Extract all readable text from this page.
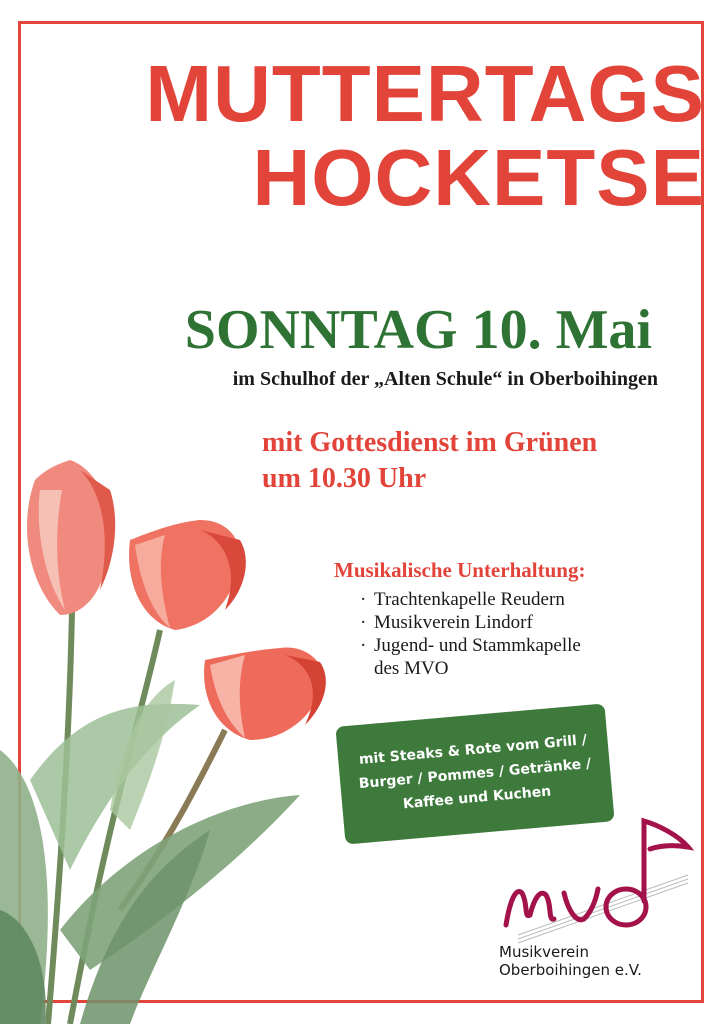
MUTTERTAGS
HOCKETSE
SONNTAG 10. Mai
im Schulhof der „Alten Schule“ in Oberboihingen
mit Gottesdienst im Grünen
um 10.30 Uhr
Musikalische Unterhaltung:
· Trachtenkapelle Reudern
· Musikverein Lindorf
· Jugend- und Stammkapelle
des MVO
mit Steaks & Rote vom Grill /
Burger / Pommes / Getränke /
Kaffee und Kuchen
Musikverein
Oberboihingen e.V.
